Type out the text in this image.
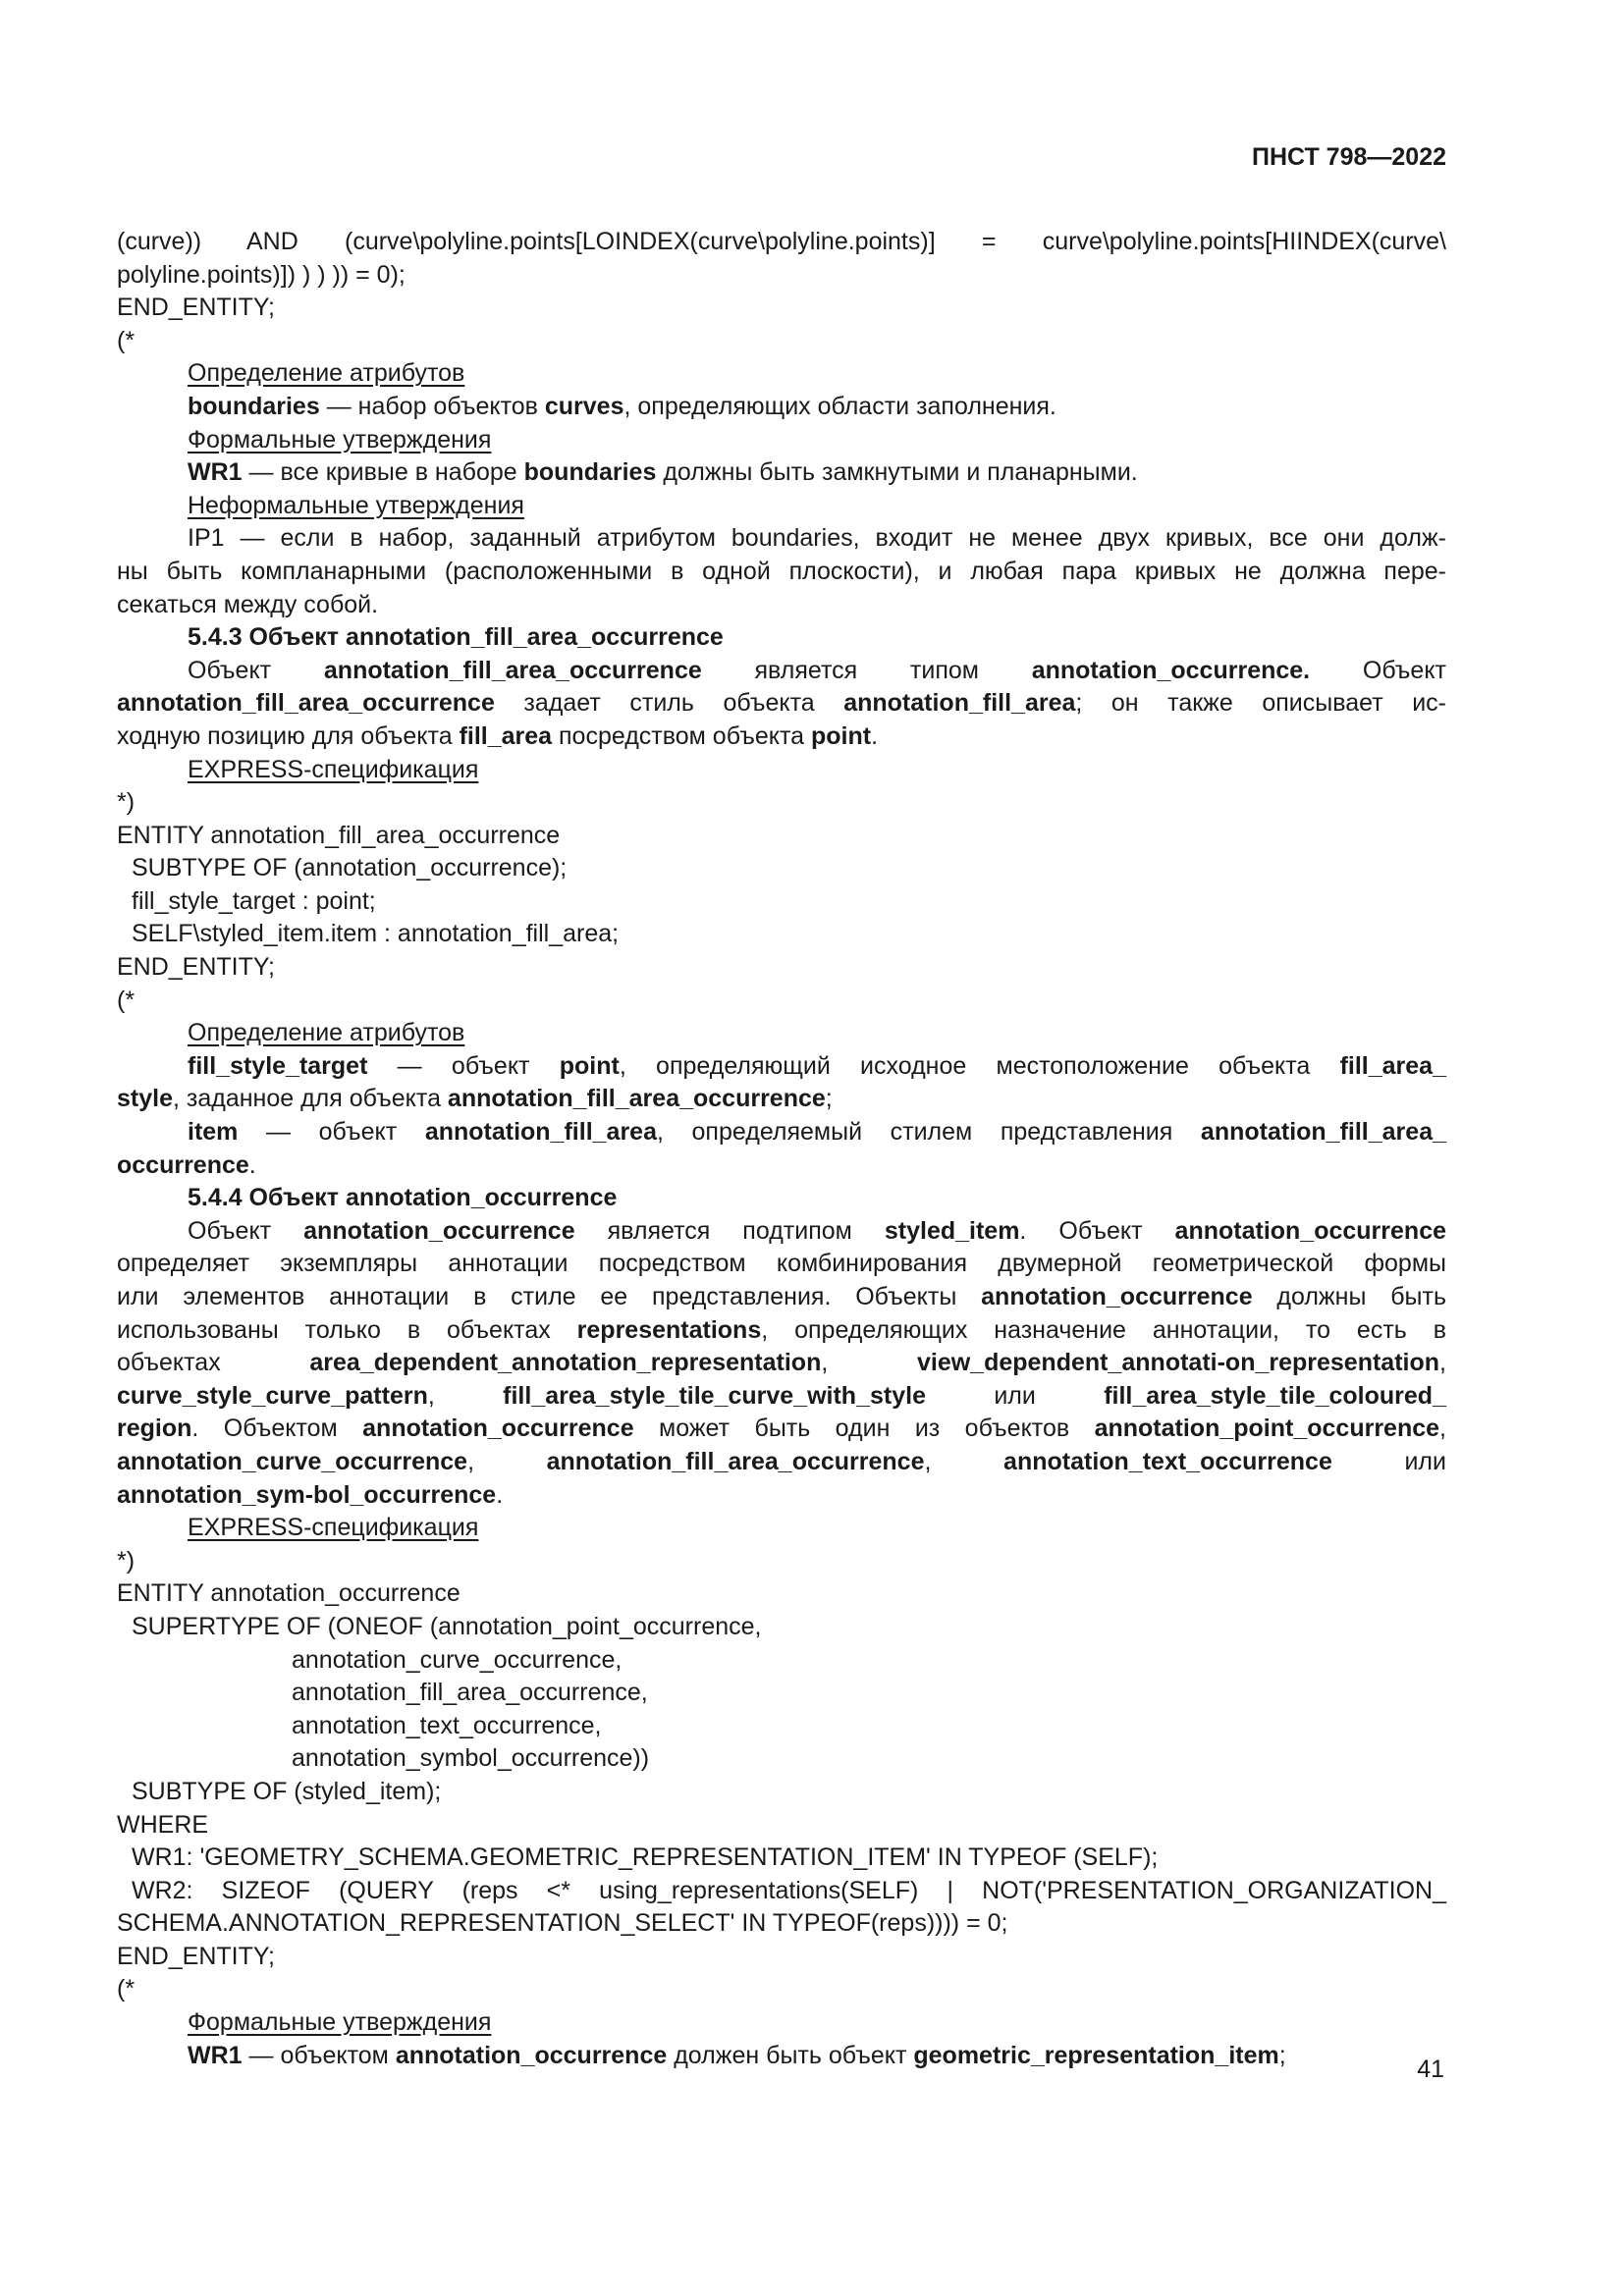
ПНСТ 798—2022
(curve)) AND (curve\polyline.points[LOINDEX(curve\polyline.points)] = curve\polyline.points[HIINDEX(curve\
polyline.points)]) ) ) )) = 0);
END_ENTITY;
(*
Определение атрибутов
boundaries — набор объектов curves, определяющих области заполнения.
Формальные утверждения
WR1 — все кривые в наборе boundaries должны быть замкнутыми и планарными.
Неформальные утверждения
IP1 — если в набор, заданный атрибутом boundaries, входит не менее двух кривых, все они долж-
ны быть компланарными (расположенными в одной плоскости), и любая пара кривых не должна пере-
секаться между собой.
5.4.3 Объект annotation_fill_area_occurrence
Объект annotation_fill_area_occurrence является типом annotation_occurrence. Объект
annotation_fill_area_occurrence задает стиль объекта annotation_fill_area; он также описывает ис-
ходную позицию для объекта fill_area посредством объекта point.
EXPRESS-спецификация
*)
ENTITY annotation_fill_area_occurrence
SUBTYPE OF (annotation_occurrence);
fill_style_target : point;
SELF\styled_item.item : annotation_fill_area;
END_ENTITY;
(*
Определение атрибутов
fill_style_target — объект point, определяющий исходное местоположение объекта fill_area_
style, заданное для объекта annotation_fill_area_occurrence;
item — объект annotation_fill_area, определяемый стилем представления annotation_fill_area_
occurrence.
5.4.4 Объект annotation_occurrence
Объект annotation_occurrence является подтипом styled_item. Объект annotation_occurrence
определяет экземпляры аннотации посредством комбинирования двумерной геометрической формы
или элементов аннотации в стиле ее представления. Объекты annotation_occurrence должны быть
использованы только в объектах representations, определяющих назначение аннотации, то есть в
объектах area_dependent_annotation_representation, view_dependent_annotati-on_representation,
curve_style_curve_pattern, fill_area_style_tile_curve_with_style или fill_area_style_tile_coloured_
region. Объектом annotation_occurrence может быть один из объектов annotation_point_occurrence,
annotation_curve_occurrence, annotation_fill_area_occurrence, annotation_text_occurrence или
annotation_sym-bol_occurrence.
EXPRESS-спецификация
*)
ENTITY annotation_occurrence
SUPERTYPE OF (ONEOF (annotation_point_occurrence,
annotation_curve_occurrence,
annotation_fill_area_occurrence,
annotation_text_occurrence,
annotation_symbol_occurrence))
SUBTYPE OF (styled_item);
WHERE
WR1: 'GEOMETRY_SCHEMA.GEOMETRIC_REPRESENTATION_ITEM' IN TYPEOF (SELF);
WR2: SIZEOF (QUERY (reps <* using_representations(SELF) | NOT('PRESENTATION_ORGANIZATION_
SCHEMA.ANNOTATION_REPRESENTATION_SELECT' IN TYPEOF(reps)))) = 0;
END_ENTITY;
(*
Формальные утверждения
WR1 — объектом annotation_occurrence должен быть объект geometric_representation_item;
41
